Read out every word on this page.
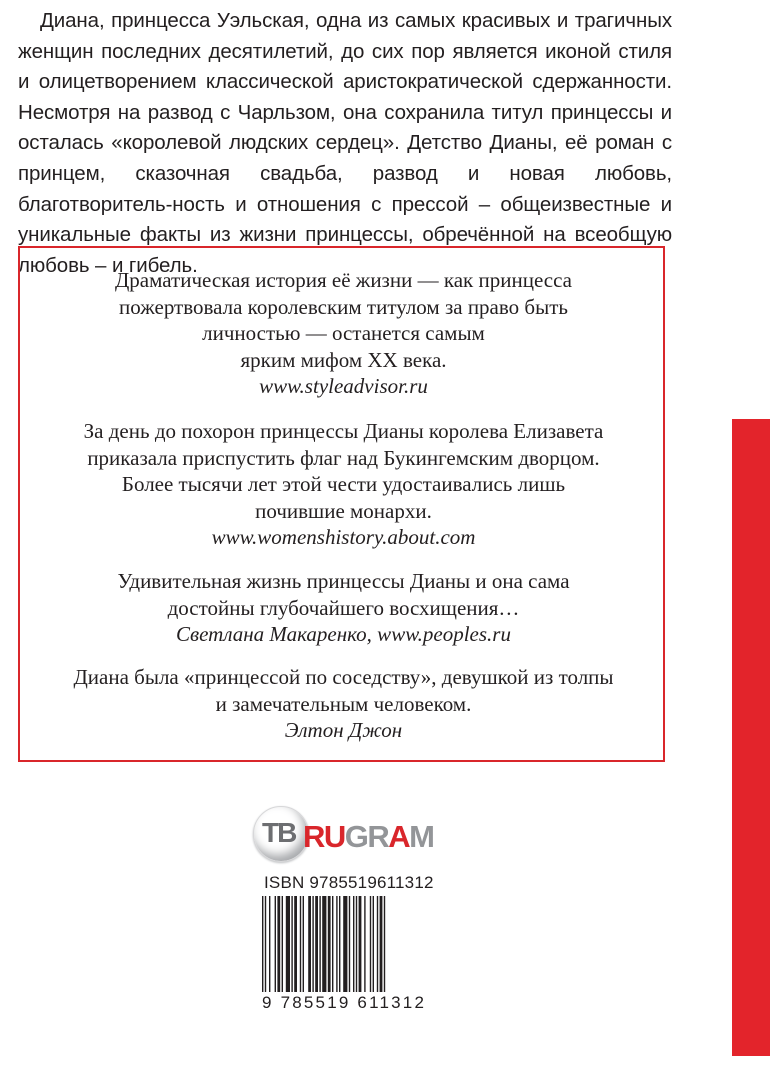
Диана, принцесса Уэльская, одна из самых красивых и трагичных женщин последних десятилетий, до сих пор является иконой стиля и олицетворением классической аристократической сдержанности. Несмотря на развод с Чарльзом, она сохранила титул принцессы и осталась «королевой людских сердец». Детство Дианы, её роман с принцем, сказочная свадьба, развод и новая любовь, благотворитель-ность и отношения с прессой – общеизвестные и уникальные факты из жизни принцессы, обречённой на всеобщую любовь – и гибель.

Драматическая история её жизни — как принцесса
пожертвовала королевским титулом за право быть
личностью — останется самым
ярким мифом XX века.
www.styleadvisor.ru
За день до похорон принцессы Дианы королева Елизавета
приказала приспустить флаг над Букингемским дворцом.
Более тысячи лет этой чести удостаивались лишь
почившие монархи.
www.womenshistory.about.com
Удивительная жизнь принцессы Дианы и она сама
достойны глубочайшего восхищения…
Светлана Макаренко, www.peoples.ru
Диана была «принцессой по соседству», девушкой из толпы
и замечательным человеком.
Элтон Джон
TB RUGRAM
ISBN 9785519611312
9 785519 611312
